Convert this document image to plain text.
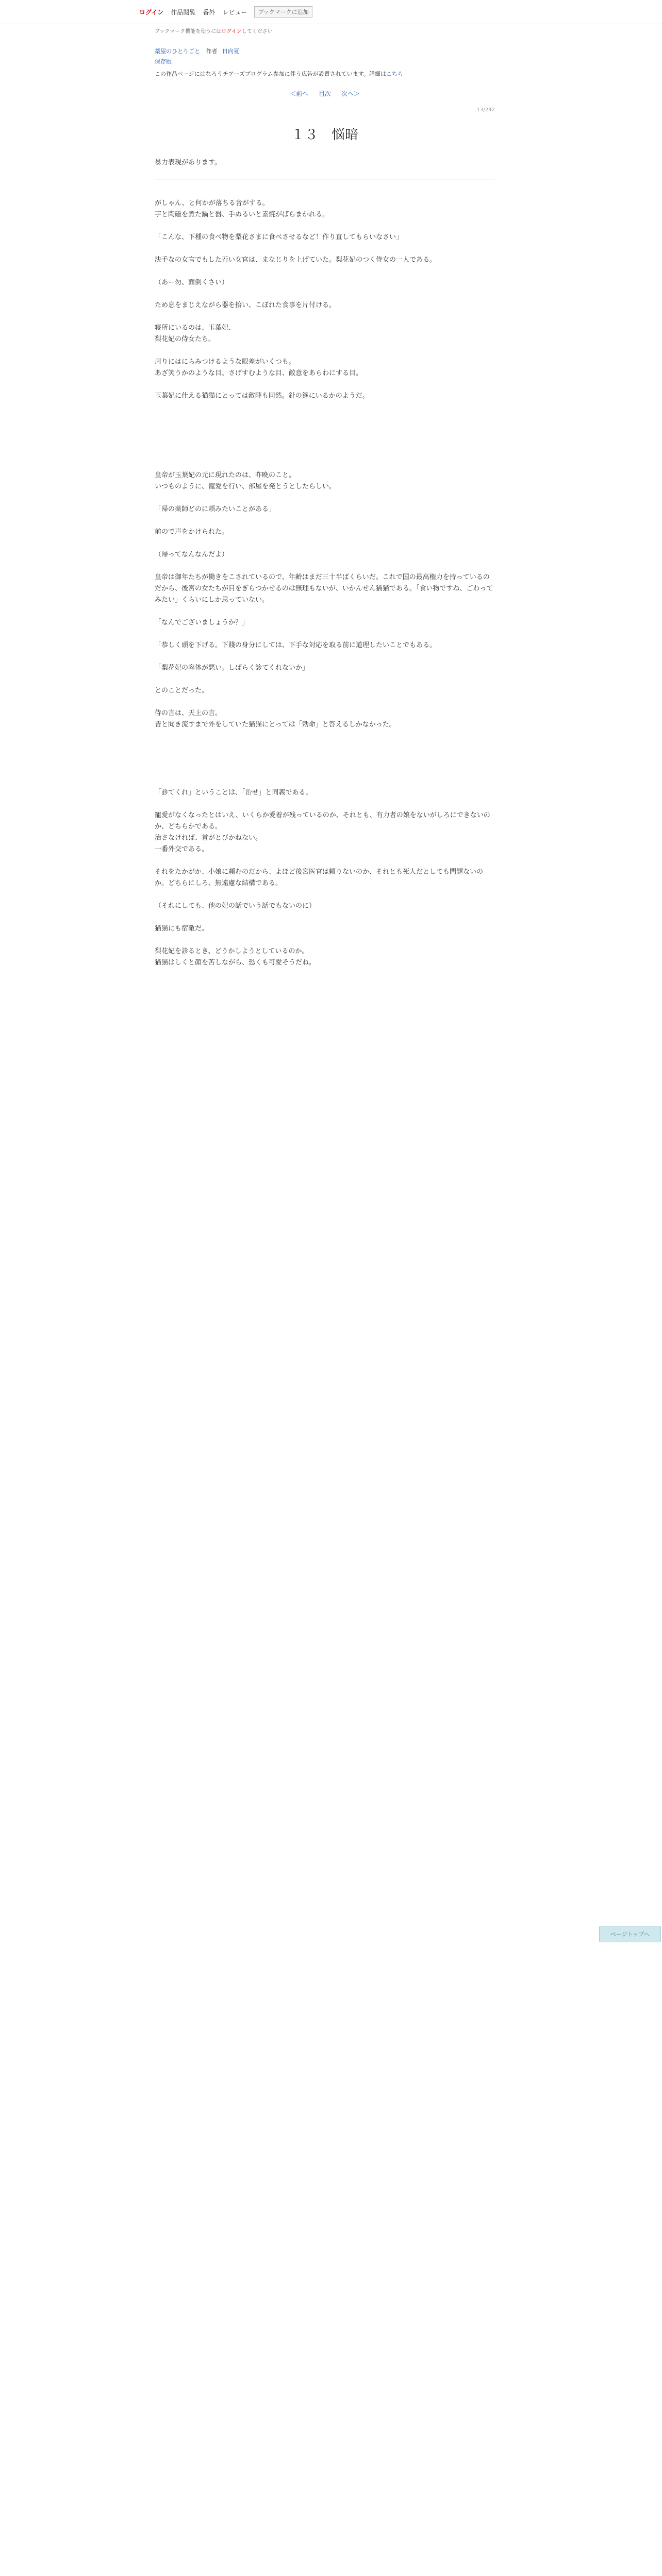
ログイン 作品閲覧 番外 レビュー	ブックマークに追加
ブックマーク機能を使うにはログインしてください
薬屋のひとりごと 作者 日向夏
保存版
この作品ページにはなろうチアーズプログラム参加に伴う広告が設置されています。詳細はこちら
＜前へ 目次 次へ＞
13/242
１３　悩暗
暴力表現があります。

がしゃん、と何かが落ちる音がする。

芋と陶磁を煮た鍋と器、手ぬるいと素焼がばらまかれる。

「こんな、下種の食べ物を梨花さまに食べさせるなど！作り直してもらいなさい」

決手なの女官でもした若い女官は、まなじりを上げていた。梨花妃のつく侍女の一人である。

（あー勿、面倒くさい）

ため息をまじえながら器を拾い、こぼれた食事を片付ける。

寝所にいるのは、玉葉妃、

梨花妃の侍女たち。

周りにはにらみつけるような眼差がいくつも。

あざ笑うかのような目、さげすむような目、敵意をあらわにする目。

玉葉妃に仕える猫猫にとっては敵陣も同然。針の筵にいるかのようだ。

皇帝が玉葉妃の元に現れたのは、昨晩のこと。

いつものように、寵愛を行い、部屋を発とうとしたらしい。

「帰の薬師どのに頼みたいことがある」

前ので声をかけられた。

（帰ってなんなんだよ）

皇帝は御年たちが働きをこされているので、年齢はまだ三十半ばくらいだ。これで国の最高権力を持っているのだから、後宮の女たちが目をぎらつかせるのは無理もないが、いかんせん猫猫である。「食い物ですね、ごわってみたい」くらいにしか思っていない。

「なんでございましょうか？」

「恭しく頭を下げる。下賤の身分にしては、下手な対応を取る前に道理したいことでもある。

「梨花妃の容体が悪い。しばらく診てくれないか」

とのことだった。

侍の言は、天上の言。

皆と聞き流すまで外をしていた猫猫にとっては「勅命」と答えるしかなかった。

「診てくれ」ということは、「治せ」と同義である。

寵愛がなくなったとはいえ、いくらか愛着が残っているのか、それとも、有力者の娘をないがしろにできないのか、どちらかである。

治さなければ、首がとびかねない。

一番外交である。

それをたかがか、小娘に頼むのだから、よほど後宮医官は頼りないのか、それとも死人だとしても問題ないのか。どちらにしろ、無遠慮な結構である。

（それにしても、他の妃の話でいう話でもないのに）

猫猫にも宿敵だ。

梨花妃を診るとき、どうかしようとしているのか。

猫猫はしくと顔を苦しながら、恐くも可愛そうだね。

ページトップへ
